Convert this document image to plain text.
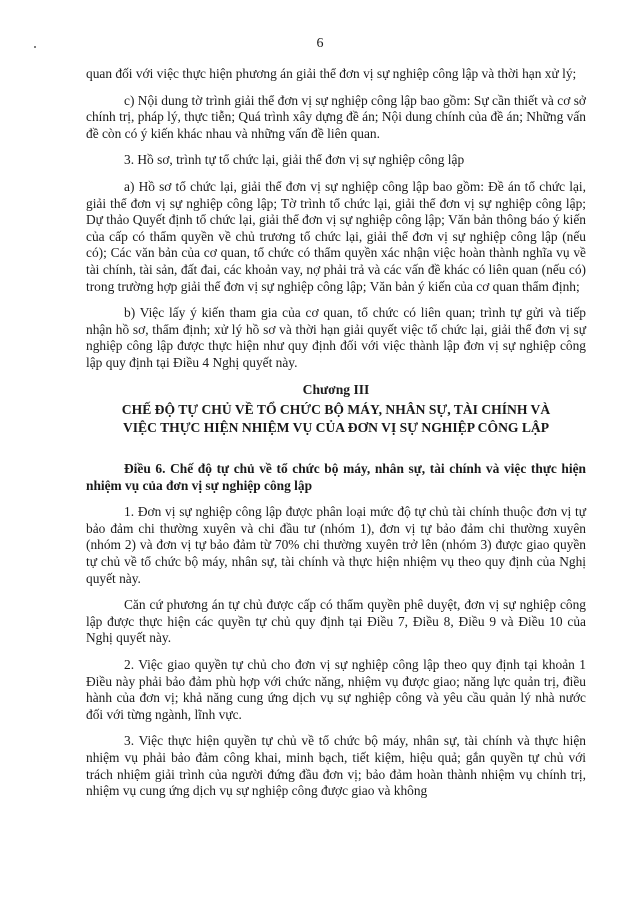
6

quan đối với việc thực hiện phương án giải thể đơn vị sự nghiệp công lập và thời hạn xử lý;

c) Nội dung tờ trình giải thể đơn vị sự nghiệp công lập bao gồm: Sự cần thiết và cơ sở chính trị, pháp lý, thực tiễn; Quá trình xây dựng đề án; Nội dung chính của đề án; Những vấn đề còn có ý kiến khác nhau và những vấn đề liên quan.

3. Hồ sơ, trình tự tổ chức lại, giải thể đơn vị sự nghiệp công lập

a) Hồ sơ tổ chức lại, giải thể đơn vị sự nghiệp công lập bao gồm: Đề án tổ chức lại, giải thể đơn vị sự nghiệp công lập; Tờ trình tổ chức lại, giải thể đơn vị sự nghiệp công lập; Dự thảo Quyết định tổ chức lại, giải thể đơn vị sự nghiệp công lập; Văn bản thông báo ý kiến của cấp có thẩm quyền về chủ trương tổ chức lại, giải thể đơn vị sự nghiệp công lập (nếu có); Các văn bản của cơ quan, tổ chức có thẩm quyền xác nhận việc hoàn thành nghĩa vụ về tài chính, tài sản, đất đai, các khoản vay, nợ phải trả và các vấn đề khác có liên quan (nếu có) trong trường hợp giải thể đơn vị sự nghiệp công lập; Văn bản ý kiến của cơ quan thẩm định;

b) Việc lấy ý kiến tham gia của cơ quan, tổ chức có liên quan; trình tự gửi và tiếp nhận hồ sơ, thẩm định; xử lý hồ sơ và thời hạn giải quyết việc tổ chức lại, giải thể đơn vị sự nghiệp công lập được thực hiện như quy định đối với việc thành lập đơn vị sự nghiệp công lập quy định tại Điều 4 Nghị quyết này.

Chương III
CHẾ ĐỘ TỰ CHỦ VỀ TỔ CHỨC BỘ MÁY, NHÂN SỰ, TÀI CHÍNH VÀ
VIỆC THỰC HIỆN NHIỆM VỤ CỦA ĐƠN VỊ SỰ NGHIỆP CÔNG LẬP

Điều 6. Chế độ tự chủ về tổ chức bộ máy, nhân sự, tài chính và việc thực hiện nhiệm vụ của đơn vị sự nghiệp công lập

1. Đơn vị sự nghiệp công lập được phân loại mức độ tự chủ tài chính thuộc đơn vị tự bảo đảm chi thường xuyên và chi đầu tư (nhóm 1), đơn vị tự bảo đảm chi thường xuyên (nhóm 2) và đơn vị tự bảo đảm từ 70% chi thường xuyên trở lên (nhóm 3) được giao quyền tự chủ về tổ chức bộ máy, nhân sự, tài chính và thực hiện nhiệm vụ theo quy định của Nghị quyết này.

Căn cứ phương án tự chủ được cấp có thẩm quyền phê duyệt, đơn vị sự nghiệp công lập được thực hiện các quyền tự chủ quy định tại Điều 7, Điều 8, Điều 9 và Điều 10 của Nghị quyết này.

2. Việc giao quyền tự chủ cho đơn vị sự nghiệp công lập theo quy định tại khoản 1 Điều này phải bảo đảm phù hợp với chức năng, nhiệm vụ được giao; năng lực quản trị, điều hành của đơn vị; khả năng cung ứng dịch vụ sự nghiệp công và yêu cầu quản lý nhà nước đối với từng ngành, lĩnh vực.

3. Việc thực hiện quyền tự chủ về tổ chức bộ máy, nhân sự, tài chính và thực hiện nhiệm vụ phải bảo đảm công khai, minh bạch, tiết kiệm, hiệu quả; gắn quyền tự chủ với trách nhiệm giải trình của người đứng đầu đơn vị; bảo đảm hoàn thành nhiệm vụ chính trị, nhiệm vụ cung ứng dịch vụ sự nghiệp công được giao và không
